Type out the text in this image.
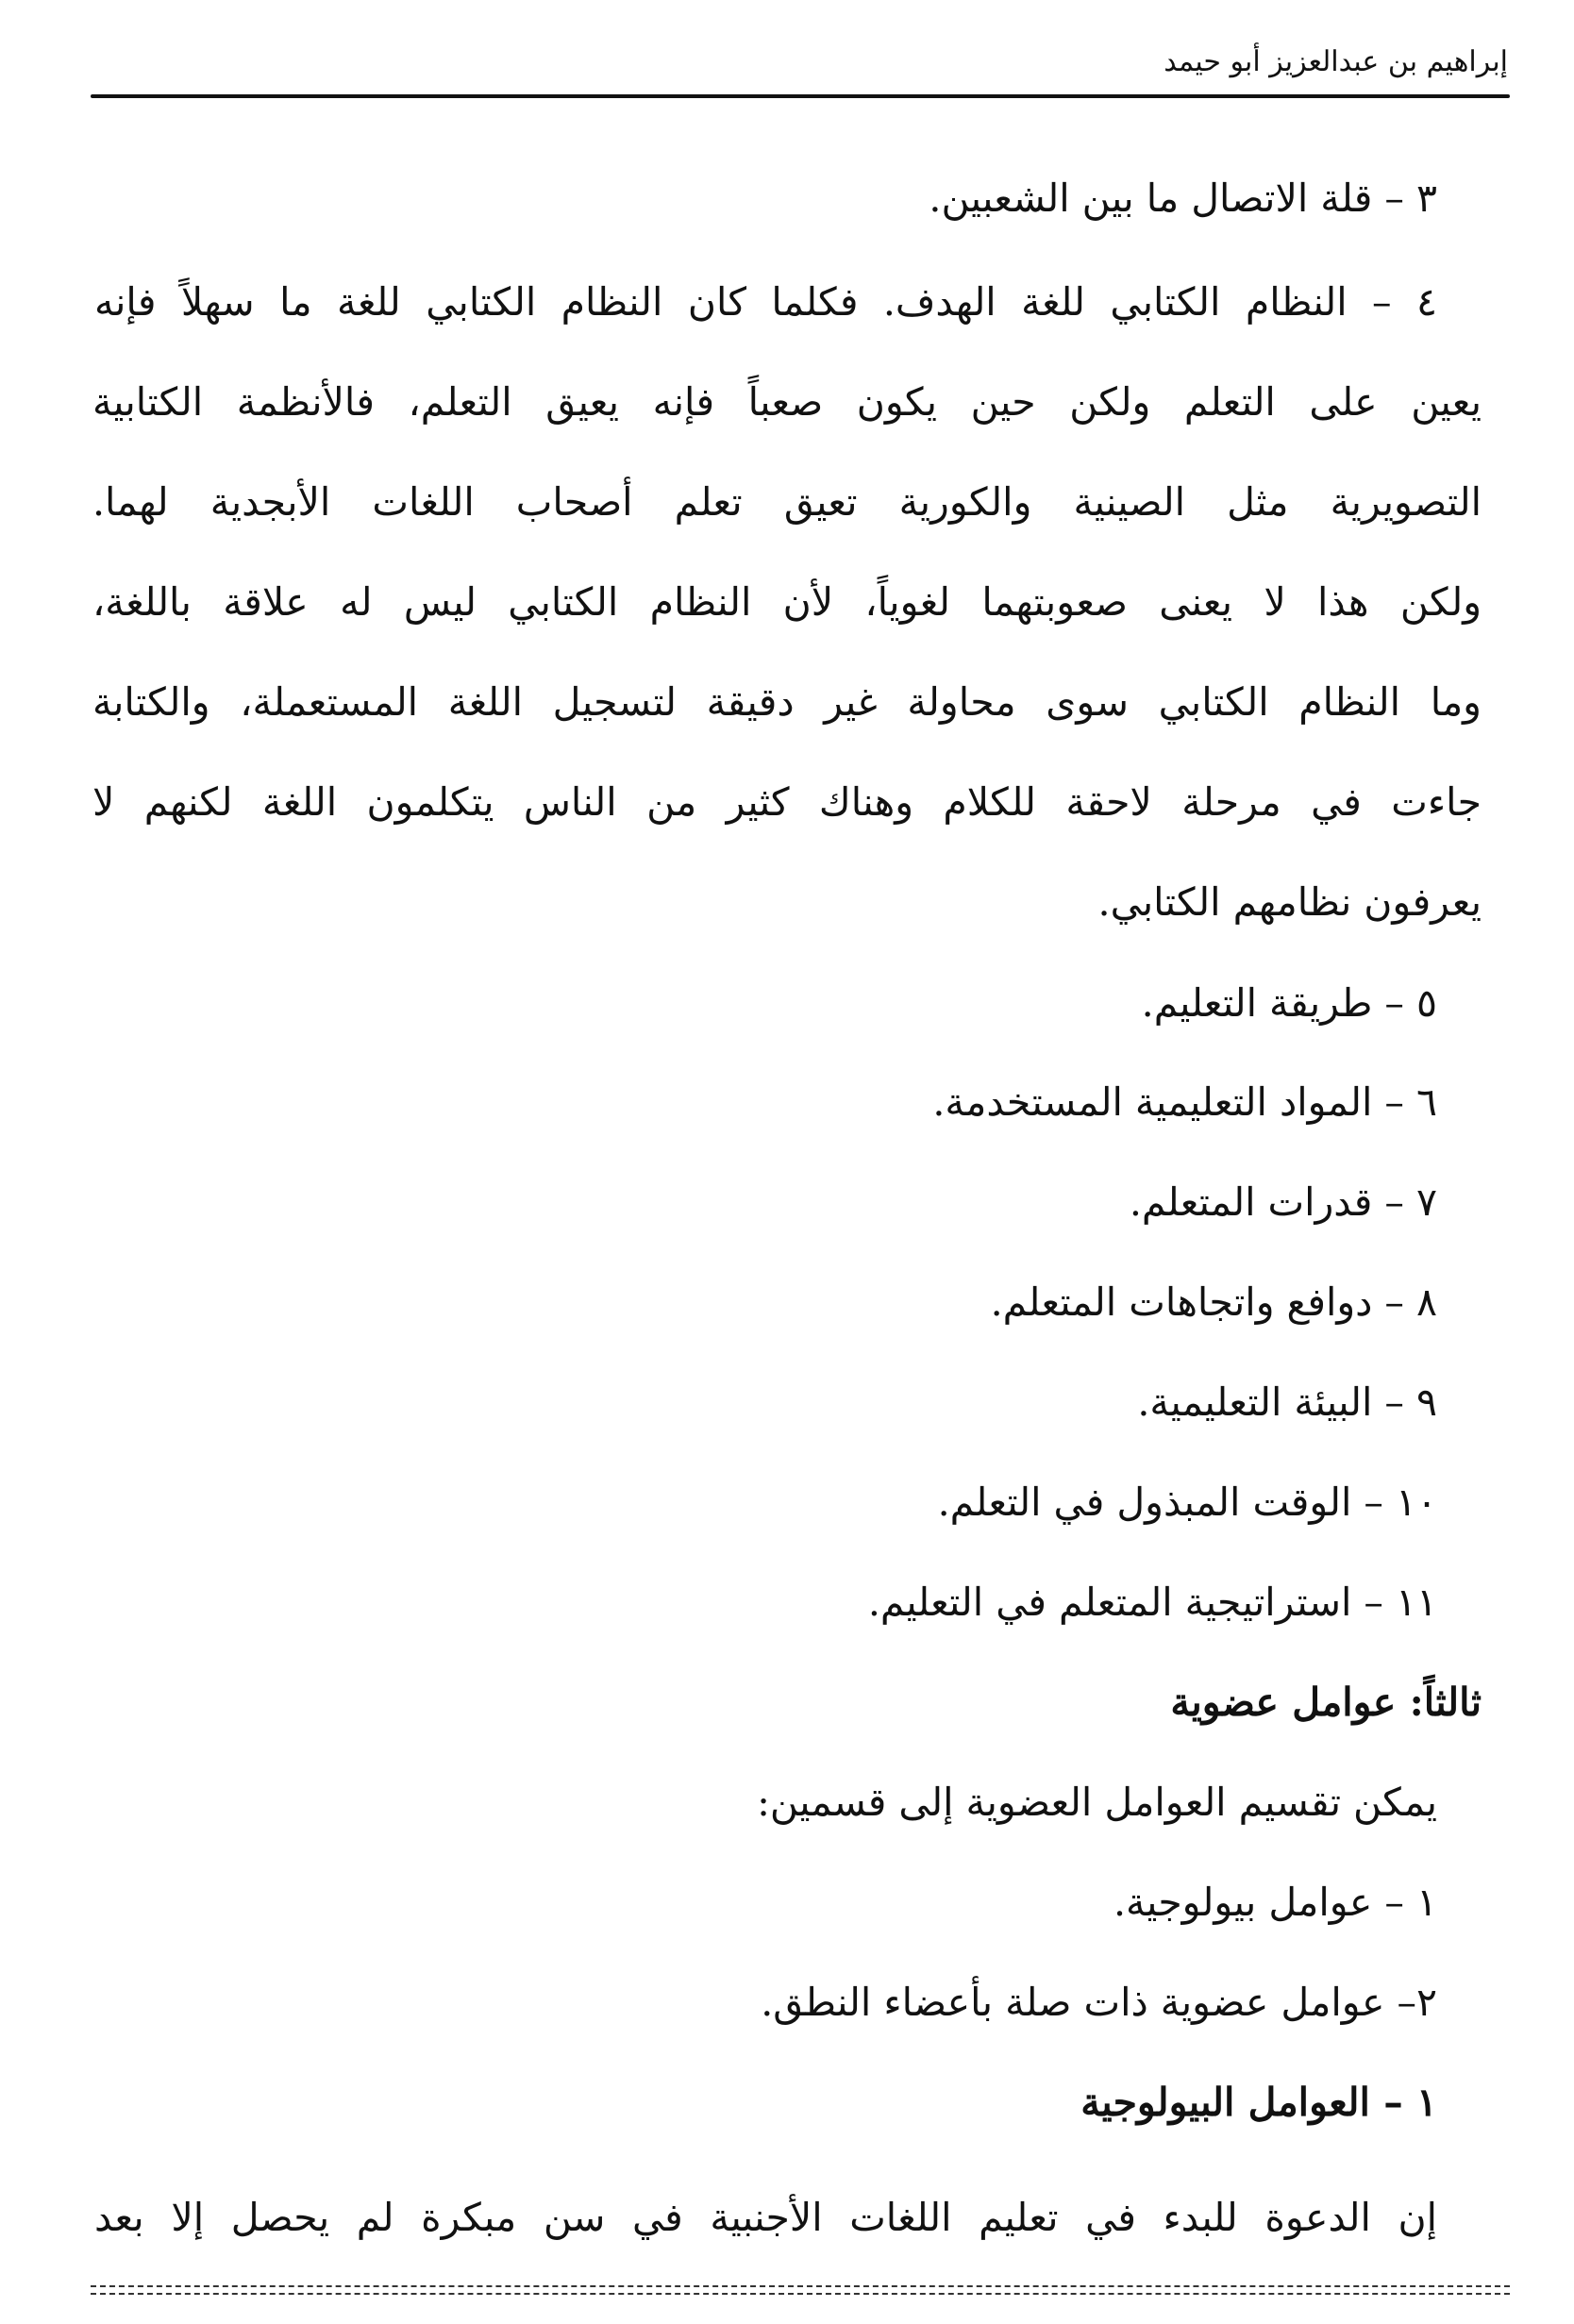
إبراهيم بن عبدالعزيز أبو حيمد
٣ – قلة الاتصال ما بين الشعبين.
٤ – النظام الكتابي للغة الهدف. فكلما كان النظام الكتابي للغة ما سهلاً فإنه
يعين على التعلم ولكن حين يكون صعباً فإنه يعيق التعلم، فالأنظمة الكتابية
التصويرية مثل الصينية والكورية تعيق تعلم أصحاب اللغات الأبجدية لهما.
ولكن هذا لا يعنى صعوبتهما لغوياً، لأن النظام الكتابي ليس له علاقة باللغة،
وما النظام الكتابي سوى محاولة غير دقيقة لتسجيل اللغة المستعملة، والكتابة
جاءت في مرحلة لاحقة للكلام وهناك كثير من الناس يتكلمون اللغة لكنهم لا
يعرفون نظامهم الكتابي.
٥ – طريقة التعليم.
٦ – المواد التعليمية المستخدمة.
٧ – قدرات المتعلم.
٨ – دوافع واتجاهات المتعلم.
٩ – البيئة التعليمية.
١٠ – الوقت المبذول في التعلم.
١١ – استراتيجية المتعلم في التعليم.
ثالثاً: عوامل عضوية
يمكن تقسيم العوامل العضوية إلى قسمين:
١ – عوامل بيولوجية.
٢– عوامل عضوية ذات صلة بأعضاء النطق.
١ – العوامل البيولوجية
إن الدعوة للبدء في تعليم اللغات الأجنبية في سن مبكرة لم يحصل إلا بعد
